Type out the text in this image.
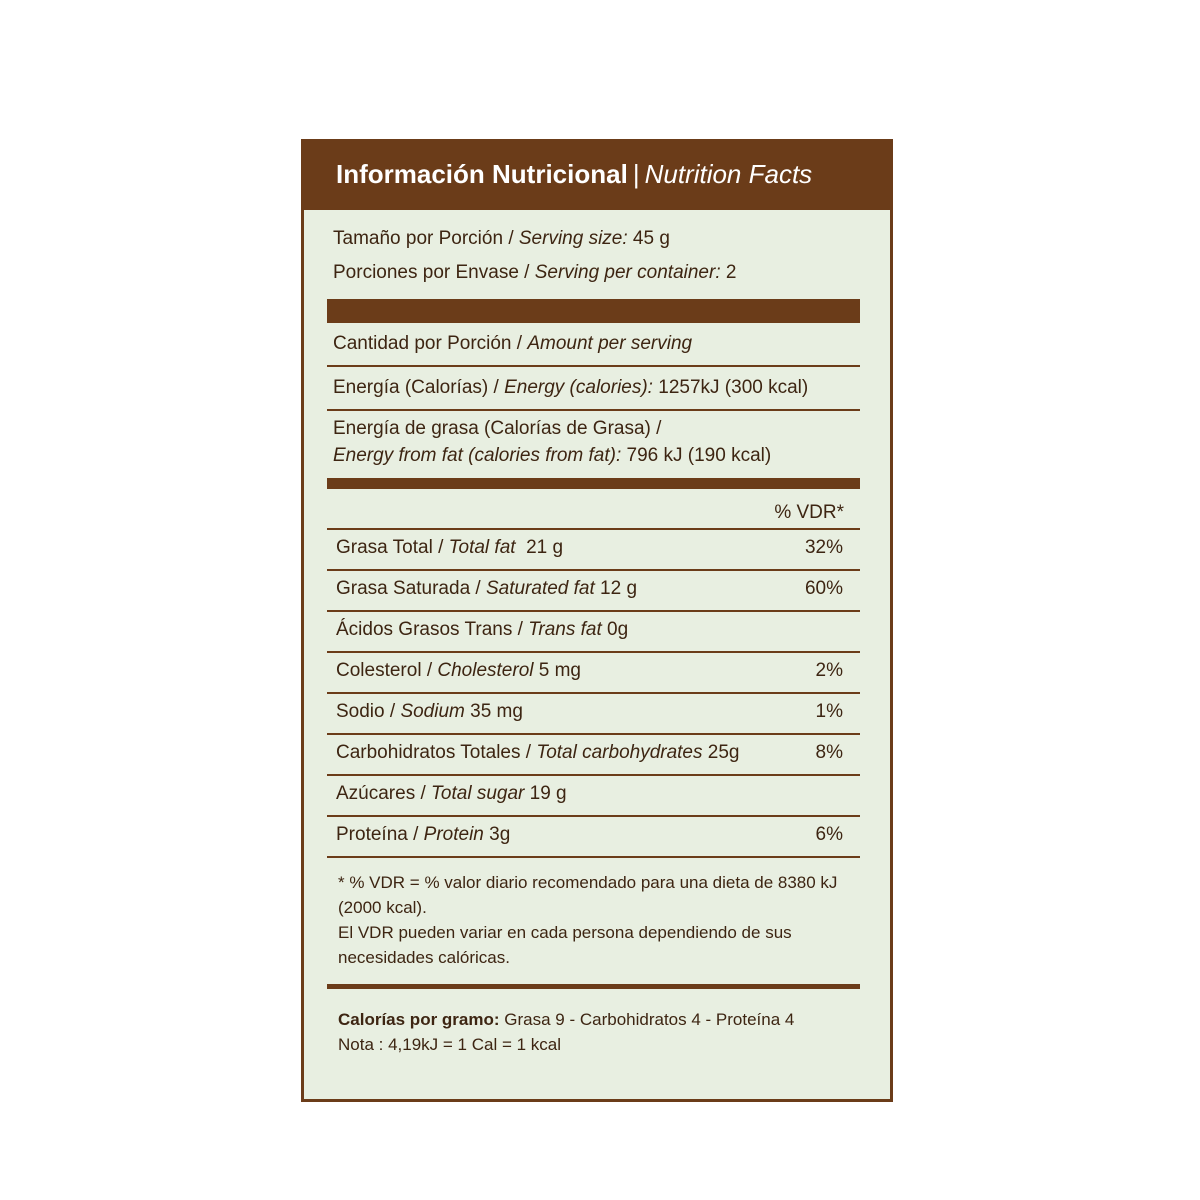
Información Nutricional | Nutrition Facts
Tamaño por Porción / Serving size: 45 g
Porciones por Envase / Serving per container: 2
Cantidad por Porción / Amount per serving
Energía (Calorías) / Energy (calories): 1257kJ (300 kcal)
Energía de grasa (Calorías de Grasa) /
Energy from fat (calories from fat): 796 kJ (190 kcal)
% VDR*
Grasa Total / Total fat  21 g	32%
Grasa Saturada / Saturated fat 12 g	60%
Ácidos Grasos Trans / Trans fat 0g
Colesterol / Cholesterol 5 mg	2%
Sodio / Sodium 35 mg	1%
Carbohidratos Totales / Total carbohydrates 25g	8%
Azúcares / Total sugar 19 g
Proteína / Protein 3g	6%
* % VDR = % valor diario recomendado para una dieta de 8380 kJ
(2000 kcal).
El VDR pueden variar en cada persona dependiendo de sus
necesidades calóricas.
Calorías por gramo: Grasa 9 - Carbohidratos 4 - Proteína 4
Nota : 4,19kJ = 1 Cal = 1 kcal
